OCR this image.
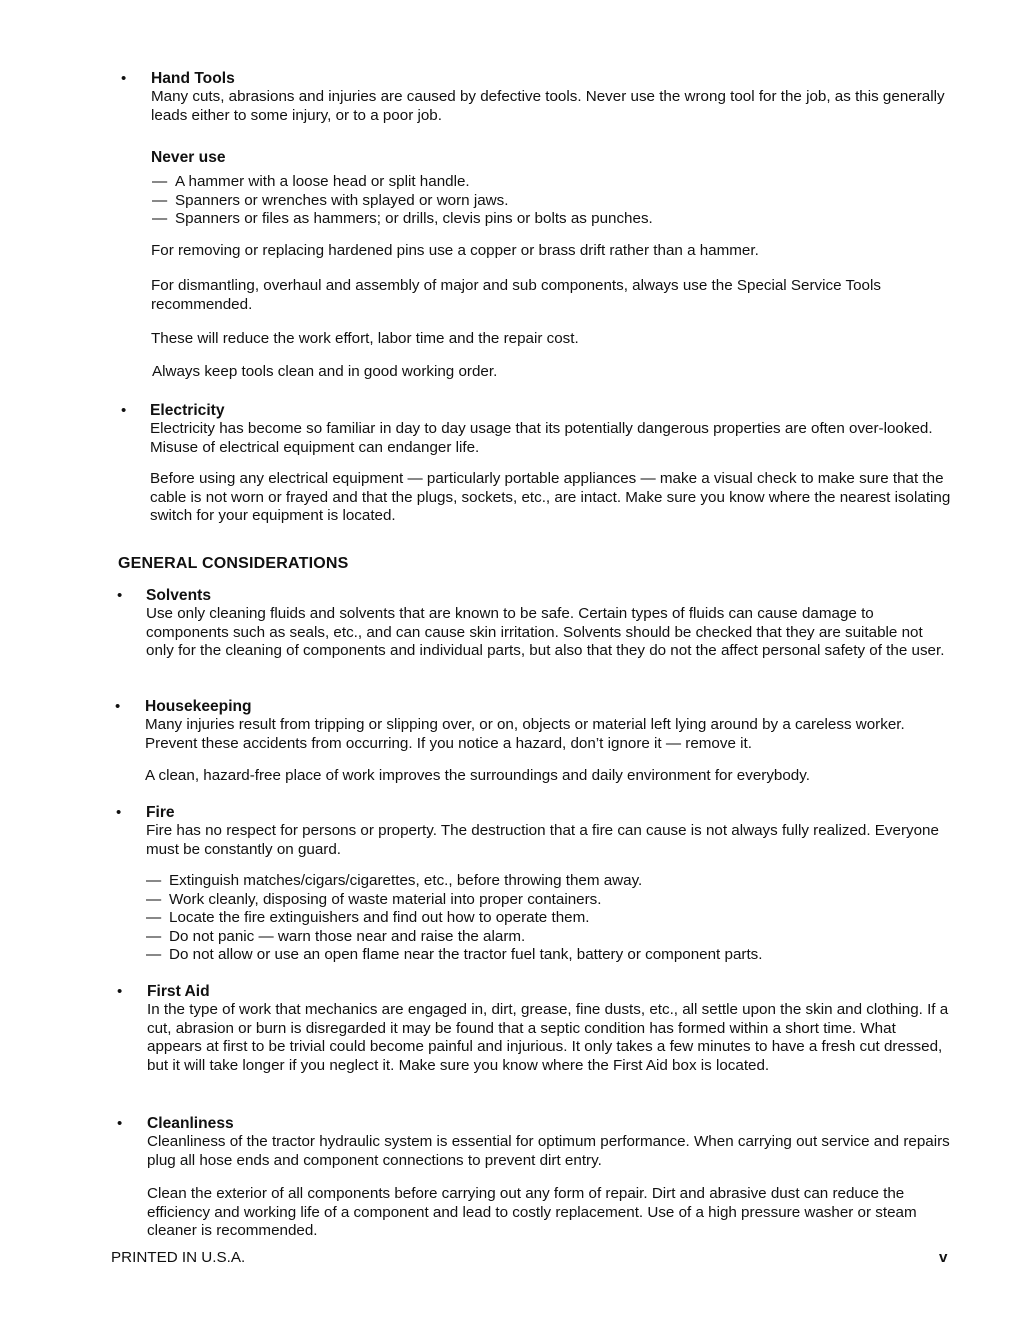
• Hand Tools

Many cuts, abrasions and injuries are caused by defective tools. Never use the wrong tool for the job, as this generally leads either to some injury, or to a poor job.

Never use

— A hammer with a loose head or split handle.

— Spanners or wrenches with splayed or worn jaws.

— Spanners or files as hammers; or drills, clevis pins or bolts as punches.

For removing or replacing hardened pins use a copper or brass drift rather than a hammer.

For dismantling, overhaul and assembly of major and sub components, always use the Special Service Tools recommended.

These will reduce the work effort, labor time and the repair cost.

Always keep tools clean and in good working order.

• Electricity

Electricity has become so familiar in day to day usage that its potentially dangerous properties are often over-looked. Misuse of electrical equipment can endanger life.

Before using any electrical equipment — particularly portable appliances — make a visual check to make sure that the cable is not worn or frayed and that the plugs, sockets, etc., are intact. Make sure you know where the nearest isolating switch for your equipment is located.

GENERAL CONSIDERATIONS
• Solvents

Use only cleaning fluids and solvents that are known to be safe. Certain types of fluids can cause damage to components such as seals, etc., and can cause skin irritation. Solvents should be checked that they are suitable not only for the cleaning of components and individual parts, but also that they do not the affect personal safety of the user.

• Housekeeping

Many injuries result from tripping or slipping over, or on, objects or material left lying around by a careless worker. Prevent these accidents from occurring. If you notice a hazard, don’t ignore it — remove it.

A clean, hazard-free place of work improves the surroundings and daily environment for everybody.

• Fire

Fire has no respect for persons or property. The destruction that a fire can cause is not always fully realized. Everyone must be constantly on guard.

— Extinguish matches/cigars/cigarettes, etc., before throwing them away.

— Work cleanly, disposing of waste material into proper containers.

— Locate the fire extinguishers and find out how to operate them.

— Do not panic — warn those near and raise the alarm.

— Do not allow or use an open flame near the tractor fuel tank, battery or component parts.

• First Aid

In the type of work that mechanics are engaged in, dirt, grease, fine dusts, etc., all settle upon the skin and clothing. If a cut, abrasion or burn is disregarded it may be found that a septic condition has formed within a short time. What appears at first to be trivial could become painful and injurious. It only takes a few minutes to have a fresh cut dressed, but it will take longer if you neglect it. Make sure you know where the First Aid box is located.

• Cleanliness

Cleanliness of the tractor hydraulic system is essential for optimum performance. When carrying out service and repairs plug all hose ends and component connections to prevent dirt entry.

Clean the exterior of all components before carrying out any form of repair. Dirt and abrasive dust can reduce the efficiency and working life of a component and lead to costly replacement. Use of a high pressure washer or steam cleaner is recommended.

PRINTED IN U.S.A.	v
